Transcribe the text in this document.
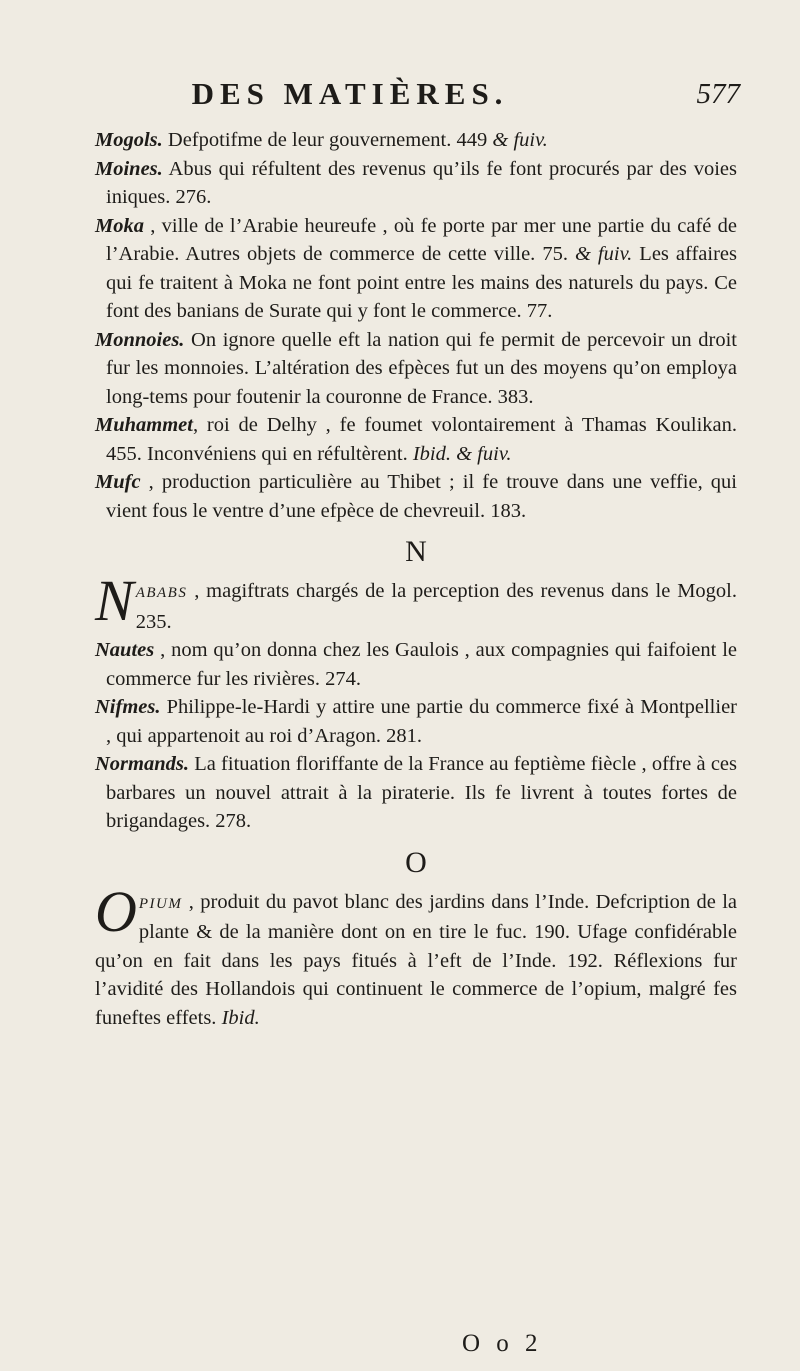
DES MATIÈRES.	577

Mogols. Defpotifme de leur gouvernement. 449 & fuiv.

Moines. Abus qui réfultent des revenus qu’ils fe font procurés par des voies iniques. 276.

Moka , ville de l’Arabie heureufe , où fe porte par mer une partie du café de l’Arabie. Autres objets de commerce de cette ville. 75. & fuiv. Les affaires qui fe traitent à Moka ne font point entre les mains des naturels du pays. Ce font des banians de Surate qui y font le commerce. 77.

Monnoies. On ignore quelle eft la nation qui fe permit de percevoir un droit fur les monnoies. L’altération des efpèces fut un des moyens qu’on employa long-tems pour foutenir la couronne de France. 383.

Muhammet, roi de Delhy , fe foumet volontairement à Thamas Koulikan. 455. Inconvéniens qui en réfultèrent. Ibid. & fuiv.

Mufc , production particulière au Thibet ; il fe trouve dans une veffie, qui vient fous le ventre d’une efpèce de chevreuil. 183.

N

NABABS , magiftrats chargés de la perception des revenus dans le Mogol. 235.

Nautes , nom qu’on donna chez les Gaulois , aux compagnies qui faifoient le commerce fur les rivières. 274.

Nifmes. Philippe-le-Hardi y attire une partie du commerce fixé à Montpellier , qui appartenoit au roi d’Aragon. 281.

Normands. La fituation floriffante de la France au feptième fiècle , offre à ces barbares un nouvel attrait à la piraterie. Ils fe livrent à toutes fortes de brigandages. 278.

O

OPIUM , produit du pavot blanc des jardins dans l’Inde. Defcription de la plante & de la manière dont on en tire le fuc. 190. Ufage confidérable qu’on en fait dans les pays fitués à l’eft de l’Inde. 192. Réflexions fur l’avidité des Hollandois qui continuent le commerce de l’opium, malgré fes funeftes effets. Ibid.

O o 2
